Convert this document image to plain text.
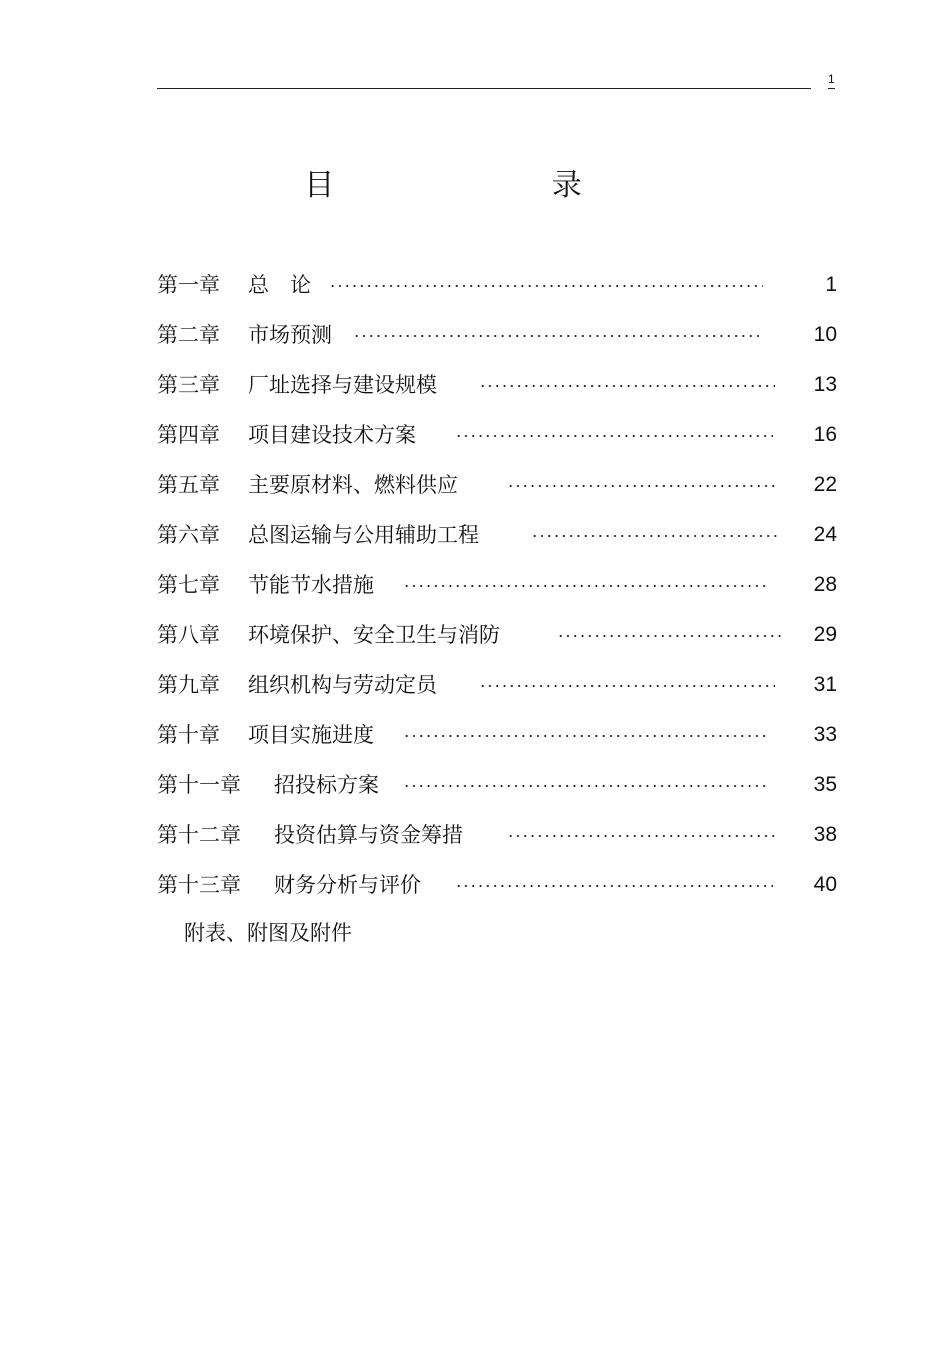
1
目 录
第一章 总　论	1
第二章 市场预测	10
第三章 厂址选择与建设规模	13
第四章 项目建设技术方案	16
第五章 主要原材料、燃料供应	22
第六章 总图运输与公用辅助工程	24
第七章 节能节水措施	28
第八章 环境保护、安全卫生与消防	29
第九章 组织机构与劳动定员	31
第十章 项目实施进度	33
第十一章 招投标方案	35
第十二章 投资估算与资金筹措	38
第十三章 财务分析与评价	40
附表、附图及附件
